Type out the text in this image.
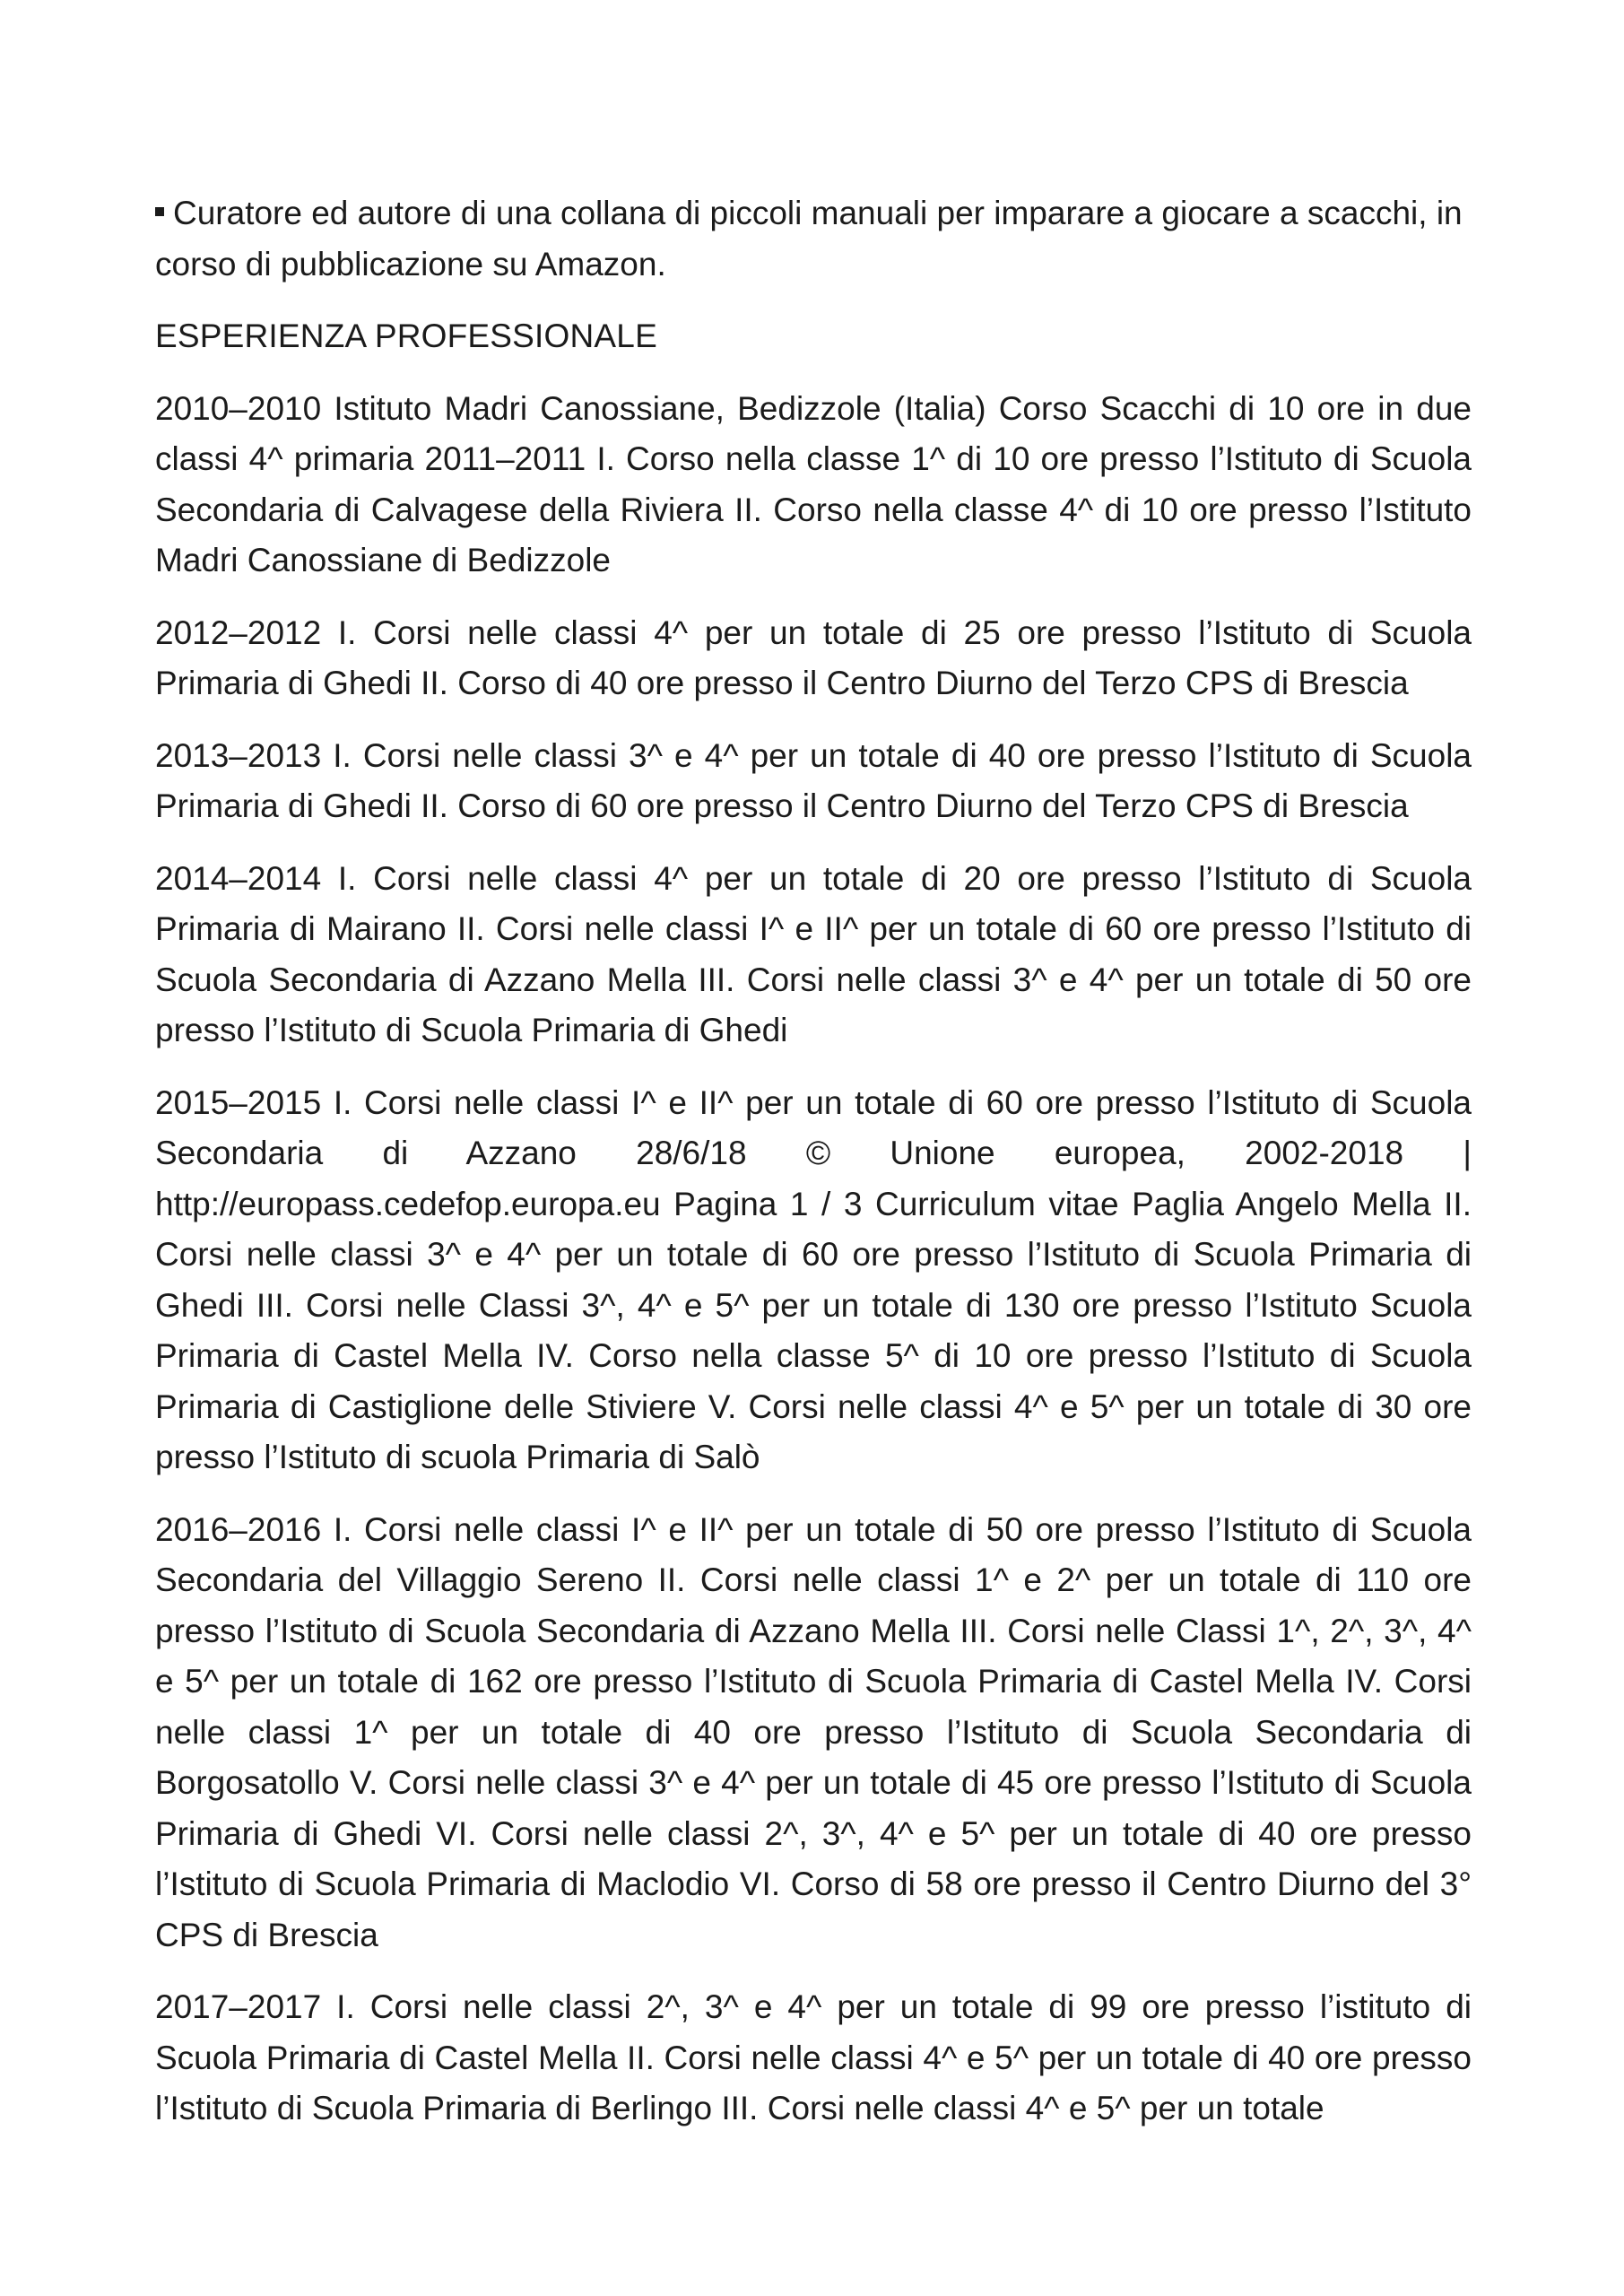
Curatore ed autore di una collana di piccoli manuali per imparare a giocare a scacchi, in corso di pubblicazione su Amazon.

ESPERIENZA PROFESSIONALE

2010–2010 Istituto Madri Canossiane, Bedizzole (Italia) Corso Scacchi di 10 ore in due classi 4^ primaria 2011–2011 I. Corso nella classe 1^ di 10 ore presso l’Istituto di Scuola Secondaria di Calvagese della Riviera II. Corso nella classe 4^ di 10 ore presso l’Istituto Madri Canossiane di Bedizzole

2012–2012 I. Corsi nelle classi 4^ per un totale di 25 ore presso l’Istituto di Scuola Primaria di Ghedi II. Corso di 40 ore presso il Centro Diurno del Terzo CPS di Brescia

2013–2013 I. Corsi nelle classi 3^ e 4^ per un totale di 40 ore presso l’Istituto di Scuola Primaria di Ghedi II. Corso di 60 ore presso il Centro Diurno del Terzo CPS di Brescia

2014–2014 I. Corsi nelle classi 4^ per un totale di 20 ore presso l’Istituto di Scuola Primaria di Mairano II. Corsi nelle classi I^ e II^ per un totale di 60 ore presso l’Istituto di Scuola Secondaria di Azzano Mella III. Corsi nelle classi 3^ e 4^ per un totale di 50 ore presso l’Istituto di Scuola Primaria di Ghedi

2015–2015 I. Corsi nelle classi I^ e II^ per un totale di 60 ore presso l’Istituto di Scuola Secondaria di Azzano 28/6/18 © Unione europea, 2002-2018 | http://europass.cedefop.europa.eu Pagina 1 / 3 Curriculum vitae Paglia Angelo Mella II. Corsi nelle classi 3^ e 4^ per un totale di 60 ore presso l’Istituto di Scuola Primaria di Ghedi III. Corsi nelle Classi 3^, 4^ e 5^ per un totale di 130 ore presso l’Istituto Scuola Primaria di Castel Mella IV. Corso nella classe 5^ di 10 ore presso l’Istituto di Scuola Primaria di Castiglione delle Stiviere V. Corsi nelle classi 4^ e 5^ per un totale di 30 ore presso l’Istituto di scuola Primaria di Salò

2016–2016 I. Corsi nelle classi I^ e II^ per un totale di 50 ore presso l’Istituto di Scuola Secondaria del Villaggio Sereno II. Corsi nelle classi 1^ e 2^ per un totale di 110 ore presso l’Istituto di Scuola Secondaria di Azzano Mella III. Corsi nelle Classi 1^, 2^, 3^, 4^ e 5^ per un totale di 162 ore presso l’Istituto di Scuola Primaria di Castel Mella IV. Corsi nelle classi 1^ per un totale di 40 ore presso l’Istituto di Scuola Secondaria di Borgosatollo V. Corsi nelle classi 3^ e 4^ per un totale di 45 ore presso l’Istituto di Scuola Primaria di Ghedi VI. Corsi nelle classi 2^, 3^, 4^ e 5^ per un totale di 40 ore presso l’Istituto di Scuola Primaria di Maclodio VI. Corso di 58 ore presso il Centro Diurno del 3° CPS di Brescia

2017–2017 I. Corsi nelle classi 2^, 3^ e 4^ per un totale di 99 ore presso l’istituto di Scuola Primaria di Castel Mella II. Corsi nelle classi 4^ e 5^ per un totale di 40 ore presso l’Istituto di Scuola Primaria di Berlingo III. Corsi nelle classi 4^ e 5^ per un totale
